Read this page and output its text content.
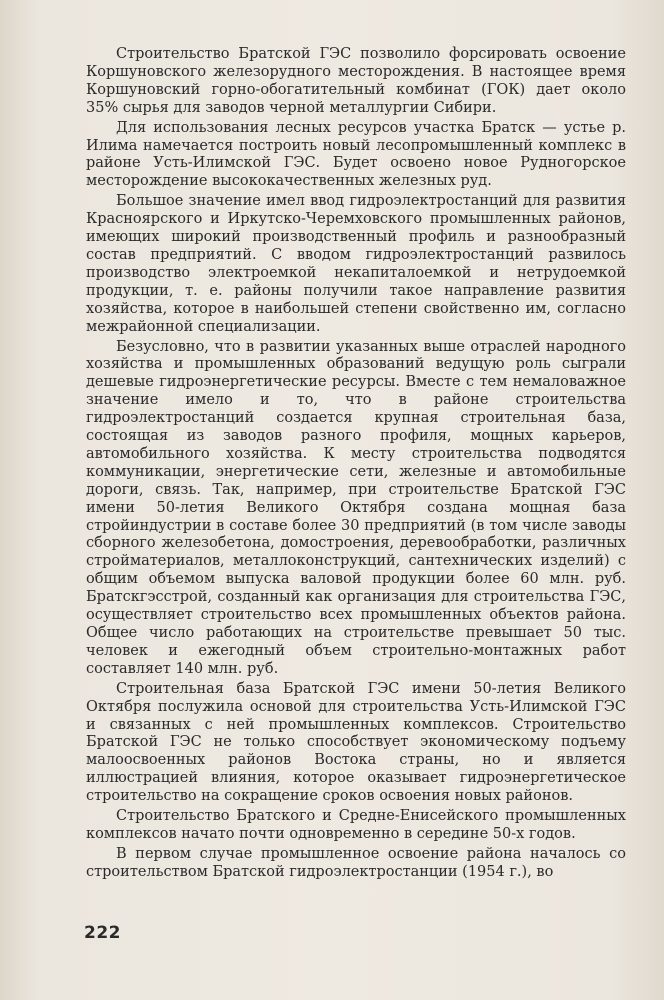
Строительство Братской ГЭС позволило форсировать освоение Коршуновского железорудного месторождения. В настоящее время Коршуновский горно-обогатительный комбинат (ГОК) дает около 35% сырья для заводов черной металлургии Сибири.

Для использования лесных ресурсов участка Братск — устье р. Илима намечается построить новый лесопромышленный комплекс в районе Усть-Илимской ГЭС. Будет освоено новое Рудногорское месторождение высококачественных железных руд.

Большое значение имел ввод гидроэлектростанций для развития Красноярского и Иркутско-Черемховского промышленных районов, имеющих широкий производственный профиль и разнообразный состав предприятий. С вводом гидроэлектростанций развилось производство электроемкой некапиталоемкой и нетрудоемкой продукции, т. е. районы получили такое направление развития хозяйства, которое в наибольшей степени свойственно им, согласно межрайонной специализации.

Безусловно, что в развитии указанных выше отраслей народного хозяйства и промышленных образований ведущую роль сыграли дешевые гидроэнергетические ресурсы. Вместе с тем немаловажное значение имело и то, что в районе строительства гидроэлектростанций создается крупная строительная база, состоящая из заводов разного профиля, мощных карьеров, автомобильного хозяйства. К месту строительства подводятся коммуникации, энергетические сети, железные и автомобильные дороги, связь. Так, например, при строительстве Братской ГЭС имени 50-летия Великого Октября создана мощная база стройиндустрии в составе более 30 предприятий (в том числе заводы сборного железобетона, домостроения, деревообработки, различных стройматериалов, металлоконструкций, сантехнических изделий) с общим объемом выпуска валовой продукции более 60 млн. руб. Братскгэсстрой, созданный как организация для строительства ГЭС, осуществляет строительство всех промышленных объектов района. Общее число работающих на строительстве превышает 50 тыс. человек и ежегодный объем строительно-монтажных работ составляет 140 млн. руб.

Строительная база Братской ГЭС имени 50-летия Великого Октября послужила основой для строительства Усть-Илимской ГЭС и связанных с ней промышленных комплексов. Строительство Братской ГЭС не только способствует экономическому подъему малоосвоенных районов Востока страны, но и является иллюстрацией влияния, которое оказывает гидроэнергетическое строительство на сокращение сроков освоения новых районов.

Строительство Братского и Средне-Енисейского промышленных комплексов начато почти одновременно в середине 50-х годов.

В первом случае промышленное освоение района началось со строительством Братской гидроэлектростанции (1954 г.), во

222
